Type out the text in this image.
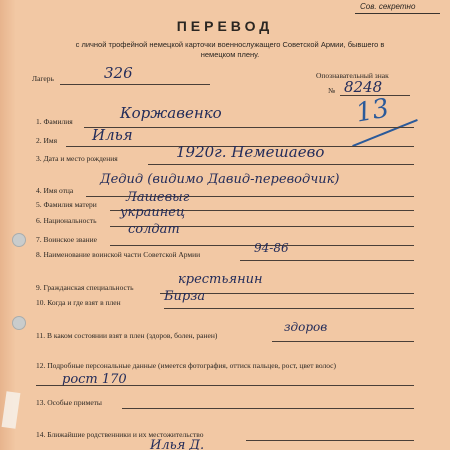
Сов. секретно
ПЕРЕВОД
с личной трофейной немецкой карточки военнослужащего Советской Армии, бывшего в немецком плену.
Лагерь	326	Опознавательный знак
№ 8248
13
1. Фамилия	Коржавенко
2. Имя Илья
3. Дата и место рождения	1920г. Немешаево
4. Имя отца
Дедид (видимо Давид-переводчик)
5. Фамилия матери Лашевыг
6. Национальность
украинец
7. Воинское звание
солдат
8. Наименование воинской части Советской Армии	94-86
9. Гражданская специальность
крестьянин
10. Когда и где взят в плен	Бирза
11. В каком состоянии взят в плен (здоров, болен, ранен)
здоров
12. Подробные персональные данные (имеется фотография, оттиск пальцев, рост, цвет волос)
рост 170
13. Особые приметы
14. Ближайшие родственники и их местожительство
Илья Д.
